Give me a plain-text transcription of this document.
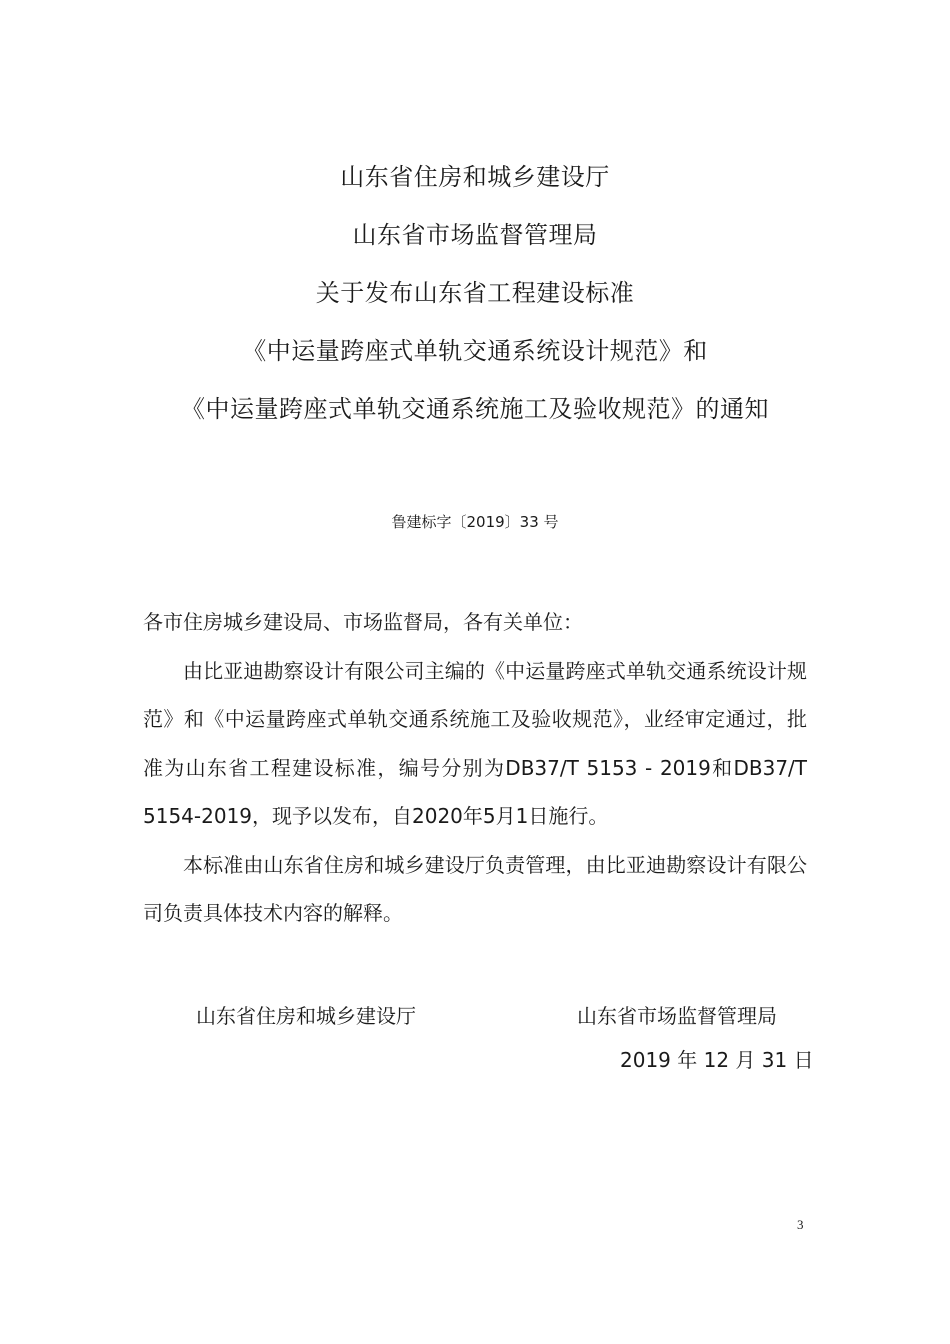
山东省住房和城乡建设厅
山东省市场监督管理局
关于发布山东省工程建设标准
《中运量跨座式单轨交通系统设计规范》和
《中运量跨座式单轨交通系统施工及验收规范》的通知
鲁建标字〔2019〕33 号

各市住房城乡建设局、市场监督局，各有关单位：

由比亚迪勘察设计有限公司主编的《中运量跨座式单轨交通系统设计规范》和《中运量跨座式单轨交通系统施工及验收规范》，业经审定通过，批准为山东省工程建设标准，编号分别为DB37/T 5153 - 2019和DB37/T 5154-2019，现予以发布，自2020年5月1日施行。

本标准由山东省住房和城乡建设厅负责管理，由比亚迪勘察设计有限公司负责具体技术内容的解释。

山东省住房和城乡建设厅	山东省市场监督管理局
2019 年 12 月 31 日
3
